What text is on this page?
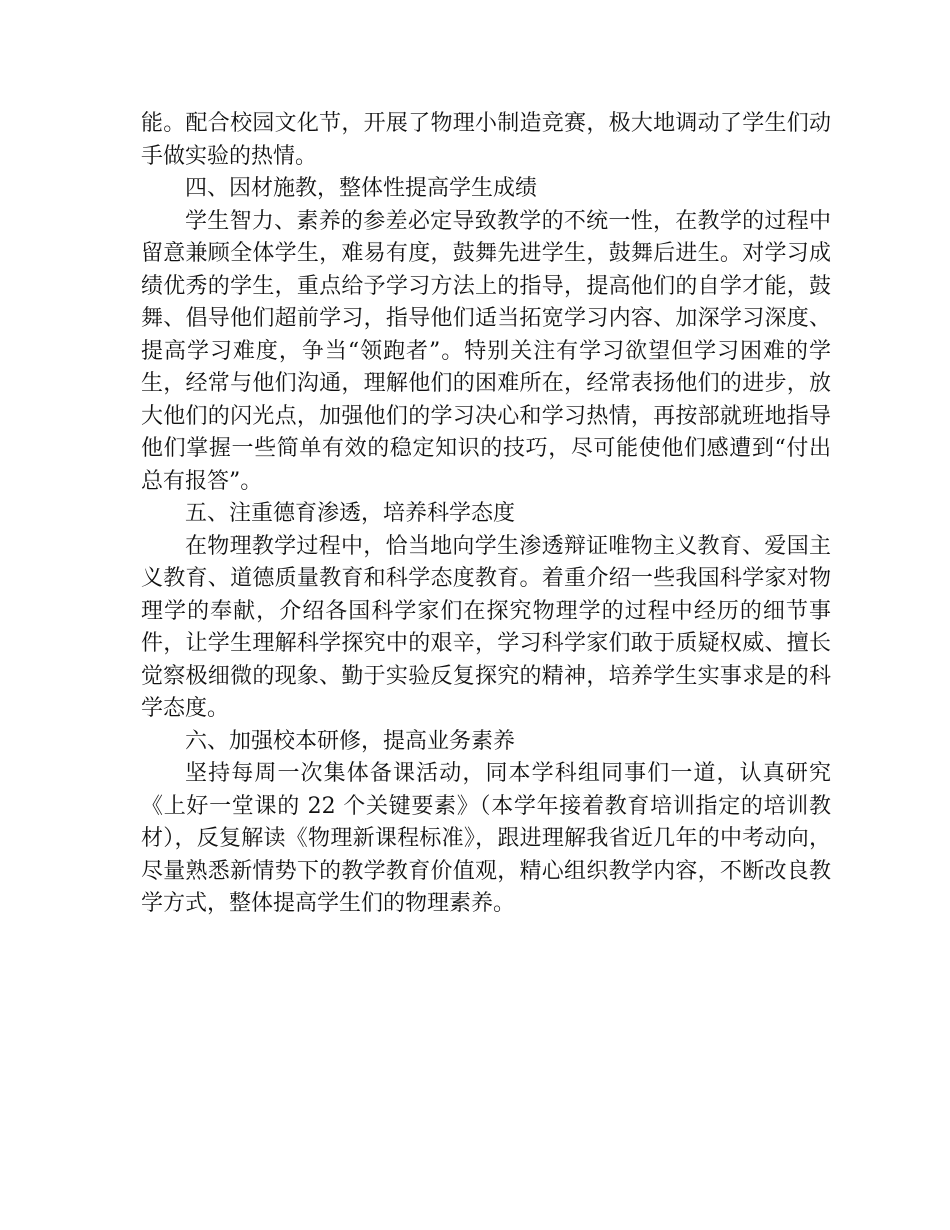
能。配合校园文化节，开展了物理小制造竞赛，极大地调动了学生们动手做实验的热情。

四、因材施教，整体性提高学生成绩

学生智力、素养的参差必定导致教学的不统一性，在教学的过程中留意兼顾全体学生，难易有度，鼓舞先进学生，鼓舞后进生。对学习成绩优秀的学生，重点给予学习方法上的指导，提高他们的自学才能，鼓舞、倡导他们超前学习，指导他们适当拓宽学习内容、加深学习深度、提高学习难度，争当“领跑者”。特别关注有学习欲望但学习困难的学生，经常与他们沟通，理解他们的困难所在，经常表扬他们的进步，放大他们的闪光点，加强他们的学习决心和学习热情，再按部就班地指导他们掌握一些简单有效的稳定知识的技巧，尽可能使他们感遭到“付出总有报答”。

五、注重德育渗透，培养科学态度

在物理教学过程中，恰当地向学生渗透辩证唯物主义教育、爱国主义教育、道德质量教育和科学态度教育。着重介绍一些我国科学家对物理学的奉献，介绍各国科学家们在探究物理学的过程中经历的细节事件，让学生理解科学探究中的艰辛，学习科学家们敢于质疑权威、擅长觉察极细微的现象、勤于实验反复探究的精神，培养学生实事求是的科学态度。

六、加强校本研修，提高业务素养

坚持每周一次集体备课活动，同本学科组同事们一道，认真研究《上好一堂课的 22 个关键要素》（本学年接着教育培训指定的培训教材），反复解读《物理新课程标准》，跟进理解我省近几年的中考动向，尽量熟悉新情势下的教学教育价值观，精心组织教学内容，不断改良教学方式，整体提高学生们的物理素养。
